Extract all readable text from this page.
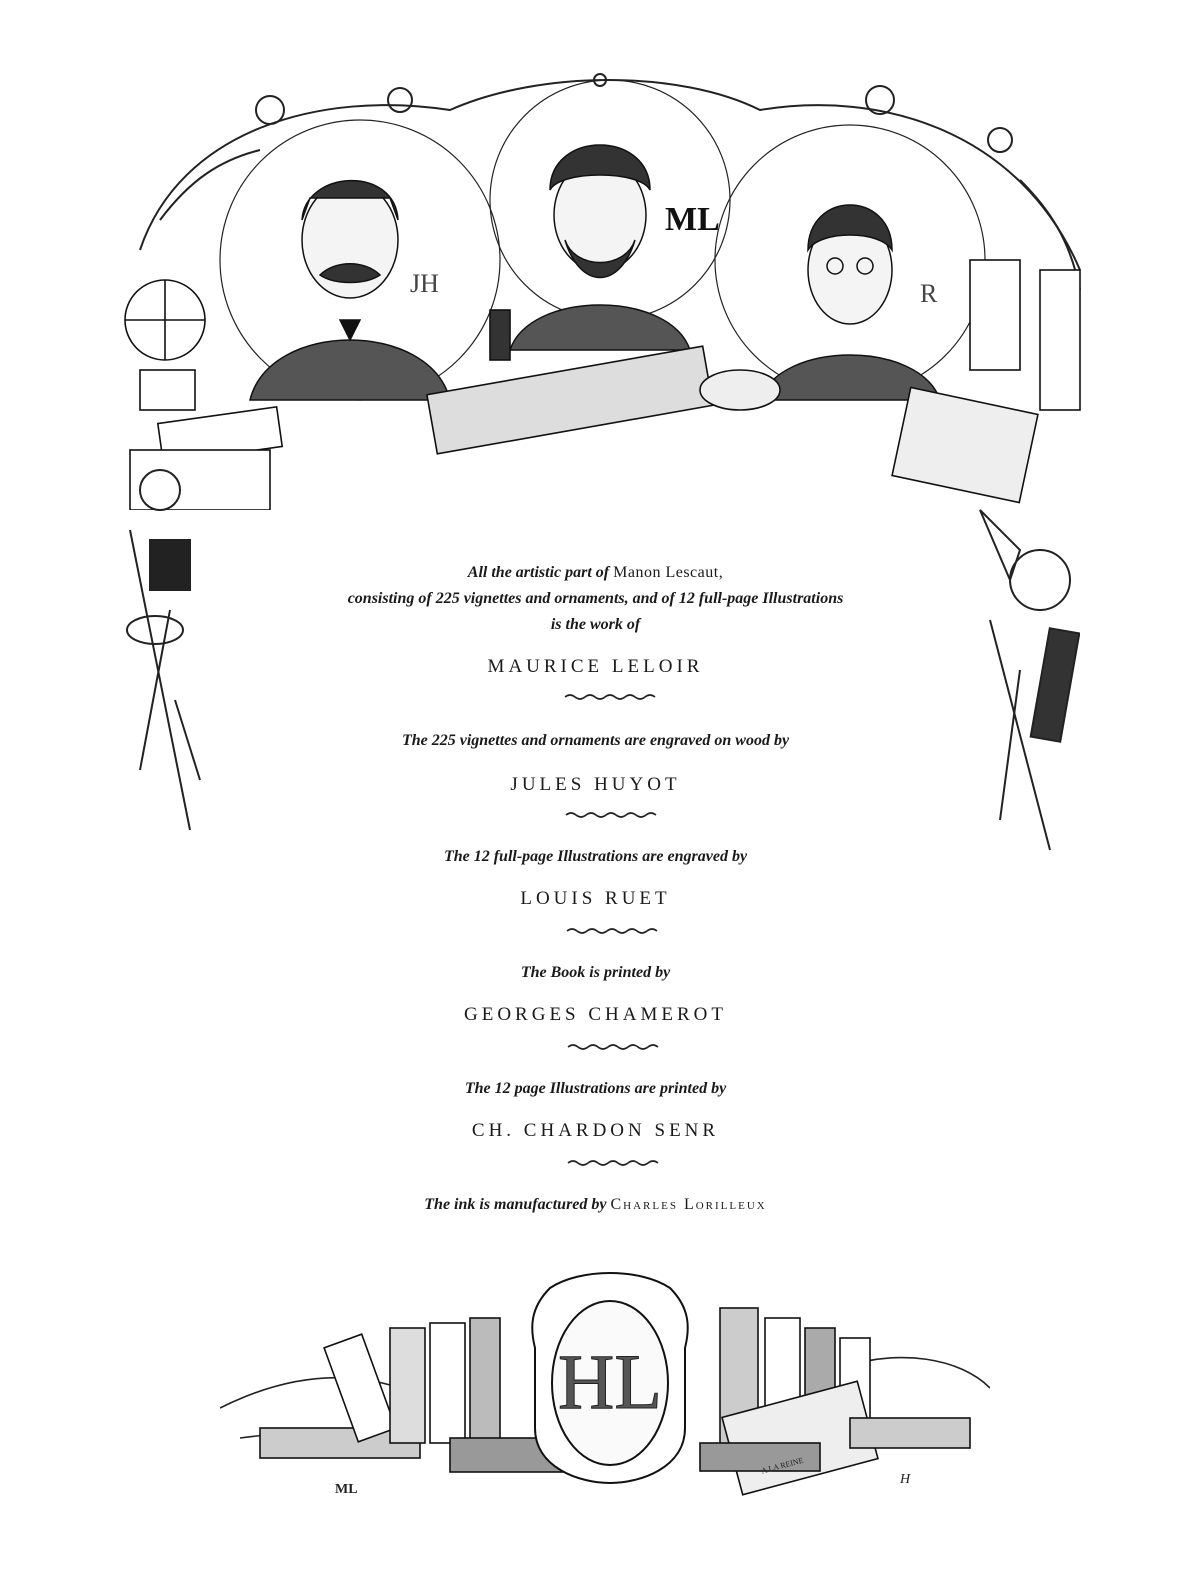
ML
JH	R

All the artistic part of Manon Lescaut,

consisting of 225 vignettes and ornaments, and of 12 full-page Illustrations

is the work of

MAURICE LELOIR

The 225 vignettes and ornaments are engraved on wood by

JULES HUYOT

The 12 full-page Illustrations are engraved by

LOUIS RUET

The Book is printed by

GEORGES CHAMEROT

The 12 page Illustrations are printed by

CH. CHARDON SENR

The ink is manufactured by Charles Lorilleux

HL
A LA REINE
ML
H
